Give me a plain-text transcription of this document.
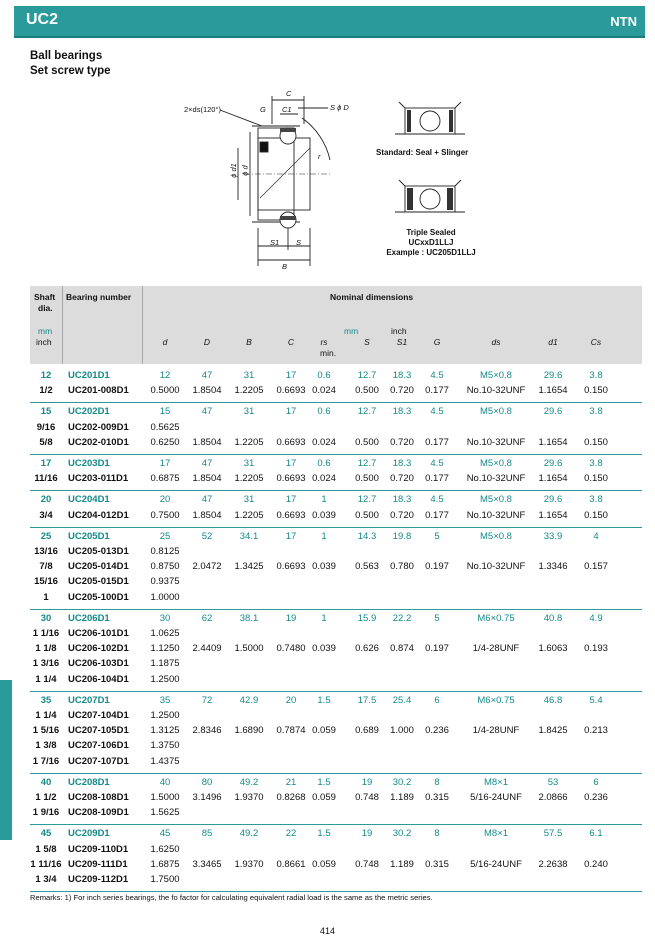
UC2	NTN
Ball bearings
Set screw type
2×ds(120°)	G C1
C
S ϕ D
ϕ d1 ϕ d
r
S1 S
B
Standard: Seal + Slinger
Triple Sealed
UCxxD1LLJ
Example : UC205D1LLJ
Shaft
dia.
Bearing number	Nominal dimensions
mm
inch
mm	inch
min.
d	D	B	C	rs	S	S1	G	ds	d1	Cs
12	UC201D1	12	47	31	17	0.6	12.7	18.3	4.5	M5×0.8	29.6	3.8
1/2	UC201-008D1	0.5000	1.8504	1.2205	0.6693 0.024	0.500	0.720	0.177	No.10-32UNF	1.1654	0.150
15	UC202D1	15	47	31	17	0.6	12.7	18.3	4.5	M5×0.8	29.6	3.8
9/16	UC202-009D1	0.5625
5/8	UC202-010D1	0.6250	1.8504	1.2205	0.6693 0.024	0.500	0.720	0.177	No.10-32UNF	1.1654	0.150
17	UC203D1	17	47	31	17	0.6	12.7	18.3	4.5	M5×0.8	29.6	3.8
11/16	UC203-011D1	0.6875	1.8504	1.2205	0.6693 0.024	0.500	0.720	0.177	No.10-32UNF	1.1654	0.150
20	UC204D1	20	47	31	17	1	12.7	18.3	4.5	M5×0.8	29.6	3.8
3/4	UC204-012D1	0.7500	1.8504	1.2205	0.6693 0.039	0.500	0.720	0.177	No.10-32UNF	1.1654	0.150
25	UC205D1	25	52	34.1	17	1	14.3	19.8	5	M5×0.8	33.9	4
13/16	UC205-013D1	0.8125
7/8	UC205-014D1	0.8750	2.0472	1.3425	0.6693 0.039	0.563	0.780	0.197	No.10-32UNF	1.3346	0.157
15/16	UC205-015D1	0.9375
1	UC205-100D1	1.0000
30	UC206D1	30	62	38.1	19	1	15.9	22.2	5	M6×0.75	40.8	4.9
1 1/16 UC206-101D1	1.0625
1 1/8	UC206-102D1	1.1250	2.4409	1.5000	0.7480 0.039	0.626	0.874	0.197	1/4-28UNF	1.6063	0.193
1 3/16 UC206-103D1	1.1875
1 1/4	UC206-104D1	1.2500
35	UC207D1	35	72	42.9	20	1.5	17.5	25.4	6	M6×0.75	46.8	5.4
1 1/4	UC207-104D1	1.2500
1 5/16 UC207-105D1	1.3125	2.8346	1.6890	0.7874 0.059	0.689	1.000	0.236	1/4-28UNF	1.8425	0.213
1 3/8	UC207-106D1	1.3750
1 7/16 UC207-107D1	1.4375
40	UC208D1	40	80	49.2	21	1.5	19	30.2	8	M8×1	53	6
1 1/2	UC208-108D1	1.5000	3.1496	1.9370	0.8268 0.059	0.748	1.189	0.315	5/16-24UNF	2.0866	0.236
1 9/16 UC208-109D1	1.5625
45	UC209D1	45	85	49.2	22	1.5	19	30.2	8	M8×1	57.5	6.1
1 5/8	UC209-110D1	1.6250
1 11/16 UC209-111D1	1.6875	3.3465	1.9370	0.8661 0.059	0.748	1.189	0.315	5/16-24UNF	2.2638	0.240
1 3/4	UC209-112D1	1.7500
Remarks: 1) For inch series bearings, the fo factor for calculating equivalent radial load is the same as the metric series.
414
